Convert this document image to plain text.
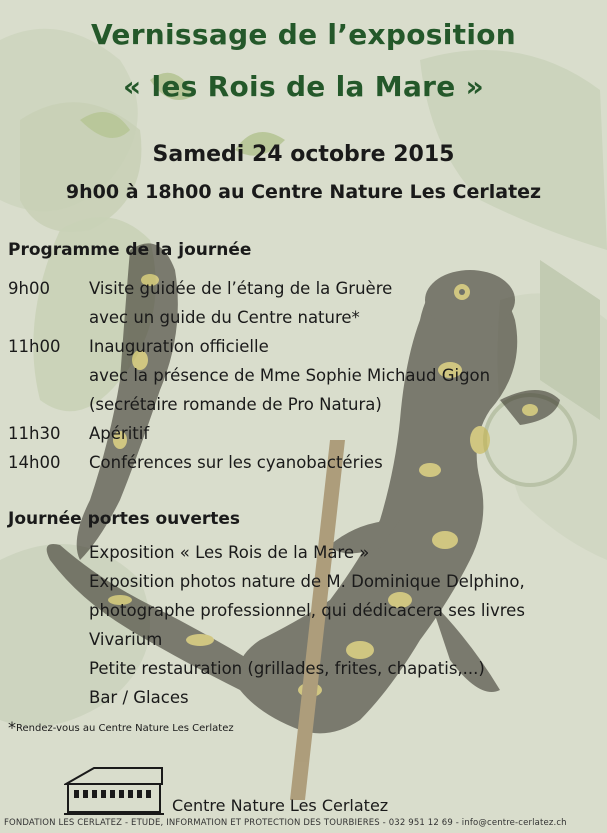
Vernissage de l’exposition
« les Rois de la Mare »
Samedi 24 octobre 2015
9h00 à 18h00 au Centre Nature Les Cerlatez
Programme de la journée
9h00 Visite guidée de l’étang de la Gruère
avec un guide du Centre nature*
11h00 Inauguration officielle
avec la présence de Mme Sophie Michaud Gigon
(secrétaire romande de Pro Natura)
11h30 Apéritif
14h00 Conférences sur les cyanobactéries
Journée portes ouvertes
Exposition « Les Rois de la Mare »
Exposition photos nature de M. Dominique Delphino,
photographe professionnel, qui dédicacera ses livres
Vivarium
Petite restauration (grillades, frites, chapatis,...)
Bar / Glaces
*Rendez-vous au Centre Nature Les Cerlatez
Centre Nature Les Cerlatez
FONDATION LES CERLATEZ - ETUDE, INFORMATION ET PROTECTION DES TOURBIERES - 032 951 12 69 - info@centre-cerlatez.ch
